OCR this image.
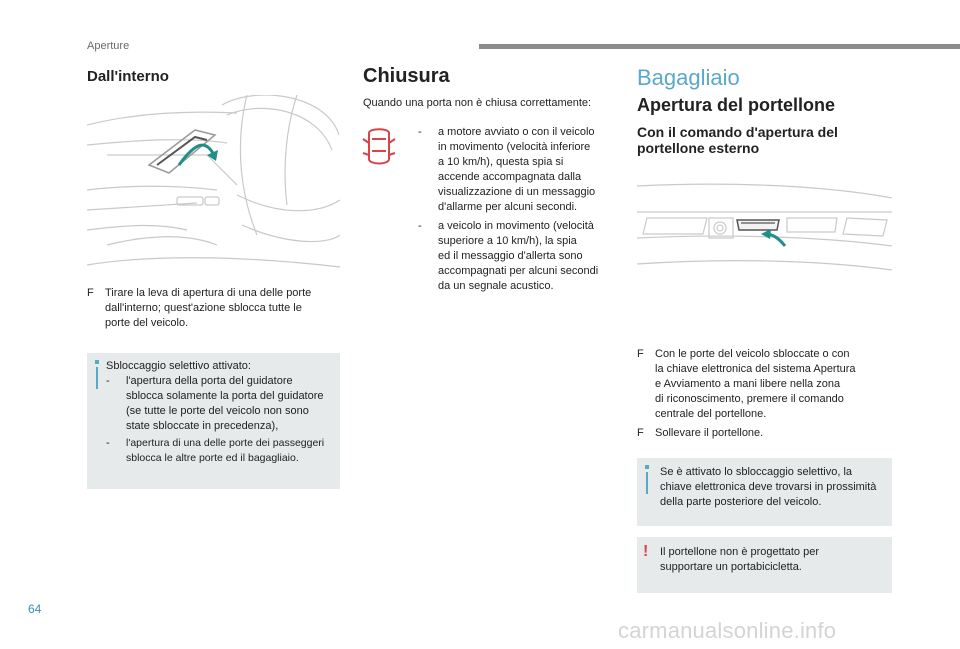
Aperture
Dall'interno
F	Tirare la leva di apertura di una delle porte
dall'interno; quest'azione sblocca tutte le
porte del veicolo.
Sbloccaggio selettivo attivato:
- l'apertura della porta del guidatore
sblocca solamente la porta del guidatore
(se tutte le porte del veicolo non sono
state sbloccate in precedenza),
- l'apertura di una delle porte dei passeggeri
sblocca le altre porte ed il bagagliaio.
Chiusura
Quando una porta non è chiusa correttamente:
- a motore avviato o con il veicolo
in movimento (velocità inferiore
a 10 km/h), questa spia si
accende accompagnata dalla
visualizzazione di un messaggio
d'allarme per alcuni secondi.
- a veicolo in movimento (velocità
superiore a 10 km/h), la spia
ed il messaggio d'allerta sono
accompagnati per alcuni secondi
da un segnale acustico.
Bagagliaio
Apertura del portellone
Con il comando d'apertura del
portellone esterno
F	Con le porte del veicolo sbloccate o con
la chiave elettronica del sistema Apertura
e Avviamento a mani libere nella zona
di riconoscimento, premere il comando
centrale del portellone.
F	Sollevare il portellone.
Se è attivato lo sbloccaggio selettivo, la
chiave elettronica deve trovarsi in prossimità
della parte posteriore del veicolo.
! Il portellone non è progettato per
supportare un portabicicletta.
64
carmanualsonline.info
